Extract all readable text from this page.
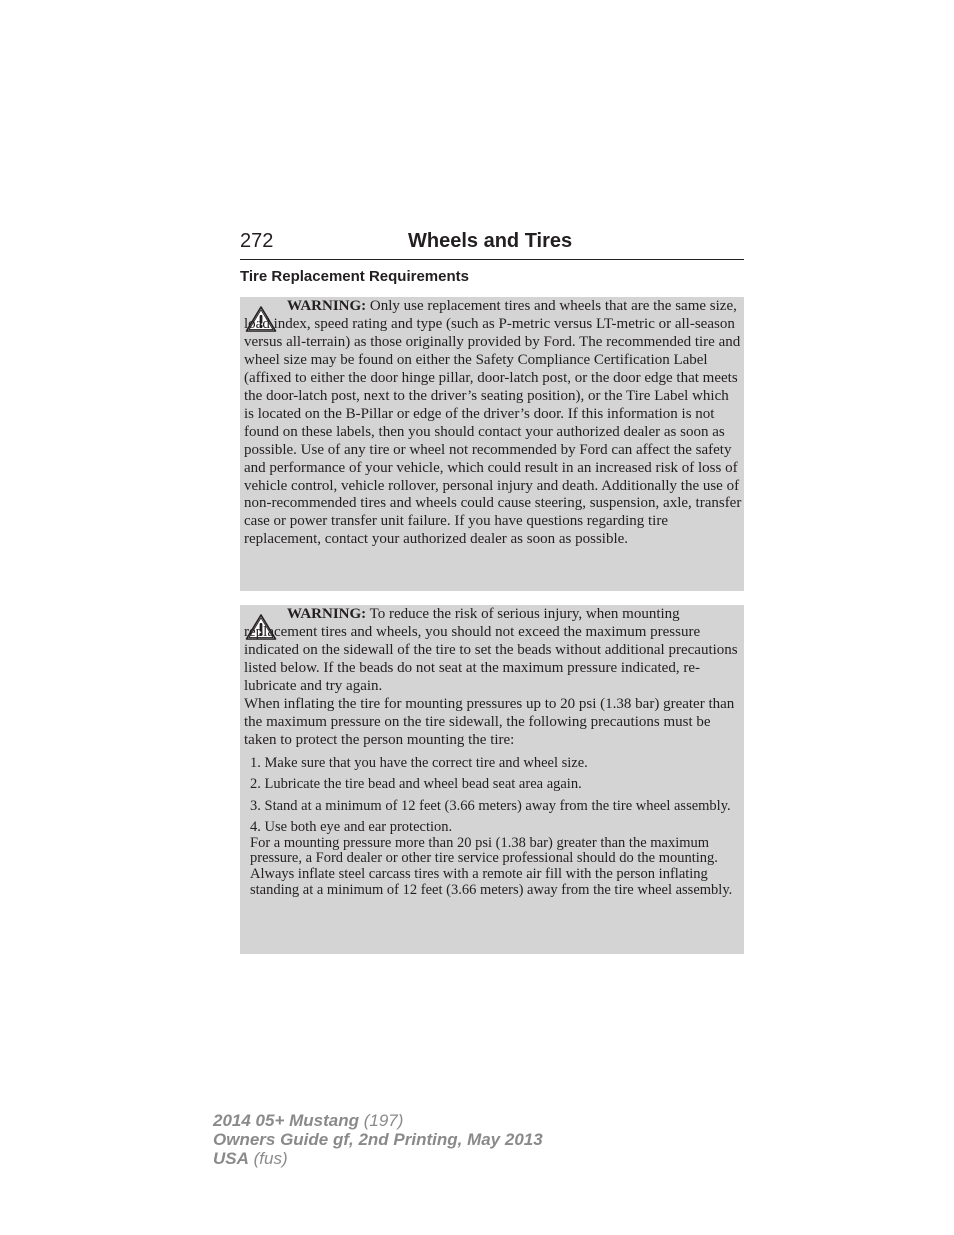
272	Wheels and Tires
Tire Replacement Requirements

WARNING: Only use replacement tires and wheels that are the same size, load index, speed rating and type (such as P-metric versus LT-metric or all-season versus all-terrain) as those originally provided by Ford. The recommended tire and wheel size may be found on either the Safety Compliance Certification Label (affixed to either the door hinge pillar, door-latch post, or the door edge that meets the door-latch post, next to the driver’s seating position), or the Tire Label which is located on the B-Pillar or edge of the driver’s door. If this information is not found on these labels, then you should contact your authorized dealer as soon as possible. Use of any tire or wheel not recommended by Ford can affect the safety and performance of your vehicle, which could result in an increased risk of loss of vehicle control, vehicle rollover, personal injury and death. Additionally the use of non-recommended tires and wheels could cause steering, suspension, axle, transfer case or power transfer unit failure. If you have questions regarding tire replacement, contact your authorized dealer as soon as possible.

WARNING: To reduce the risk of serious injury, when mounting replacement tires and wheels, you should not exceed the maximum pressure indicated on the sidewall of the tire to set the beads without additional precautions listed below. If the beads do not seat at the maximum pressure indicated, re-lubricate and try again.

When inflating the tire for mounting pressures up to 20 psi (1.38 bar) greater than the maximum pressure on the tire sidewall, the following precautions must be taken to protect the person mounting the tire:

1. Make sure that you have the correct tire and wheel size.
2. Lubricate the tire bead and wheel bead seat area again.
3. Stand at a minimum of 12 feet (3.66 meters) away from the tire wheel assembly.
4. Use both eye and ear protection.
For a mounting pressure more than 20 psi (1.38 bar) greater than the maximum pressure, a Ford dealer or other tire service professional should do the mounting.
Always inflate steel carcass tires with a remote air fill with the person inflating standing at a minimum of 12 feet (3.66 meters) away from the tire wheel assembly.
2014 05+ Mustang (197)
Owners Guide gf, 2nd Printing, May 2013
USA (fus)
